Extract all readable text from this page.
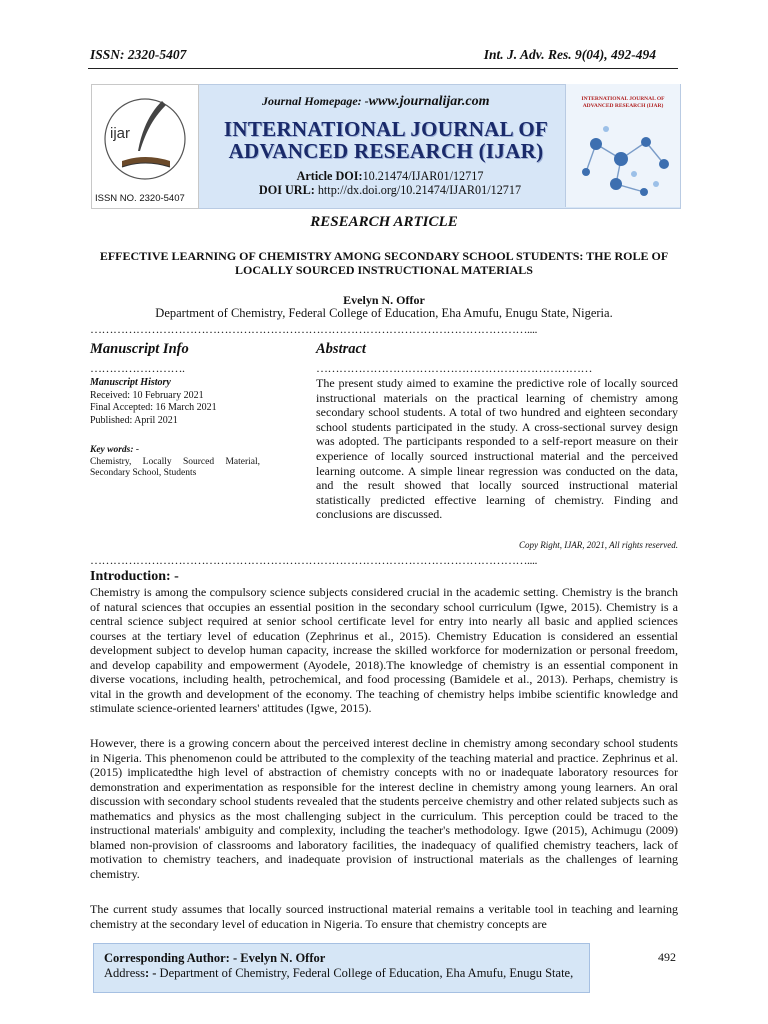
ISSN: 2320-5407	Int. J. Adv. Res. 9(04), 492-494
ijar
ISSN NO. 2320-5407
Journal Homepage: -www.journalijar.com
INTERNATIONAL JOURNAL OF
ADVANCED RESEARCH (IJAR)
Article DOI:10.21474/IJAR01/12717
DOI URL: http://dx.doi.org/10.21474/IJAR01/12717
INTERNATIONAL JOURNAL OF ADVANCED RESEARCH (IJAR)
RESEARCH ARTICLE
EFFECTIVE LEARNING OF CHEMISTRY AMONG SECONDARY SCHOOL STUDENTS: THE ROLE OF LOCALLY SOURCED INSTRUCTIONAL MATERIALS
Evelyn N. Offor
Department of Chemistry, Federal College of Education, Eha Amufu, Enugu State, Nigeria.
……………………………………………………………………………………………………....
Manuscript Info
…………………….
Manuscript History
Received: 10 February 2021
Final Accepted: 16 March 2021
Published: April 2021
Key words: -
Chemistry, Locally Sourced Material, Secondary School, Students
Abstract
………………………………………………………………
The present study aimed to examine the predictive role of locally sourced instructional materials on the practical learning of chemistry among secondary school students. A total of two hundred and eighteen secondary school students participated in the study. A cross-sectional survey design was adopted. The participants responded to a self-report measure on their experience of locally sourced instructional material and the perceived learning outcome. A simple linear regression was conducted on the data, and the result showed that locally sourced instructional material statistically predicted effective learning of chemistry. Finding and conclusions are discussed.
Copy Right, IJAR, 2021, All rights reserved.
……………………………………………………………………………………………………....
Introduction: -
Chemistry is among the compulsory science subjects considered crucial in the academic setting. Chemistry is the branch of natural sciences that occupies an essential position in the secondary school curriculum (Igwe, 2015). Chemistry is a central science subject required at senior school certificate level for entry into nearly all basic and applied sciences courses at the tertiary level of education (Zephrinus et al., 2015). Chemistry Education is considered an essential development subject to develop human capacity, increase the skilled workforce for modernization or personal freedom, and develop capability and empowerment (Ayodele, 2018).The knowledge of chemistry is an essential component in diverse vocations, including health, petrochemical, and food processing (Bamidele et al., 2013). Perhaps, chemistry is vital in the growth and development of the economy. The teaching of chemistry helps imbibe scientific knowledge and stimulate science-oriented learners' attitudes (Igwe, 2015).
However, there is a growing concern about the perceived interest decline in chemistry among secondary school students in Nigeria. This phenomenon could be attributed to the complexity of the teaching material and practice. Zephrinus et al. (2015) implicatedthe high level of abstraction of chemistry concepts with no or inadequate laboratory resources for demonstration and experimentation as responsible for the interest decline in chemistry among young learners. An oral discussion with secondary school students revealed that the students perceive chemistry and other related subjects such as mathematics and physics as the most challenging subject in the curriculum. This perception could be traced to the instructional materials' ambiguity and complexity, including the teacher's methodology. Igwe (2015), Achimugu (2009) blamed non-provision of classrooms and laboratory facilities, the inadequacy of qualified chemistry teachers, lack of motivation to chemistry teachers, and inadequate provision of instructional materials as the challenges of learning chemistry.
The current study assumes that locally sourced instructional material remains a veritable tool in teaching and learning chemistry at the secondary level of education in Nigeria. To ensure that chemistry concepts are
Corresponding Author: - Evelyn N. Offor
Address: - Department of Chemistry, Federal College of Education, Eha Amufu, Enugu State,
492
